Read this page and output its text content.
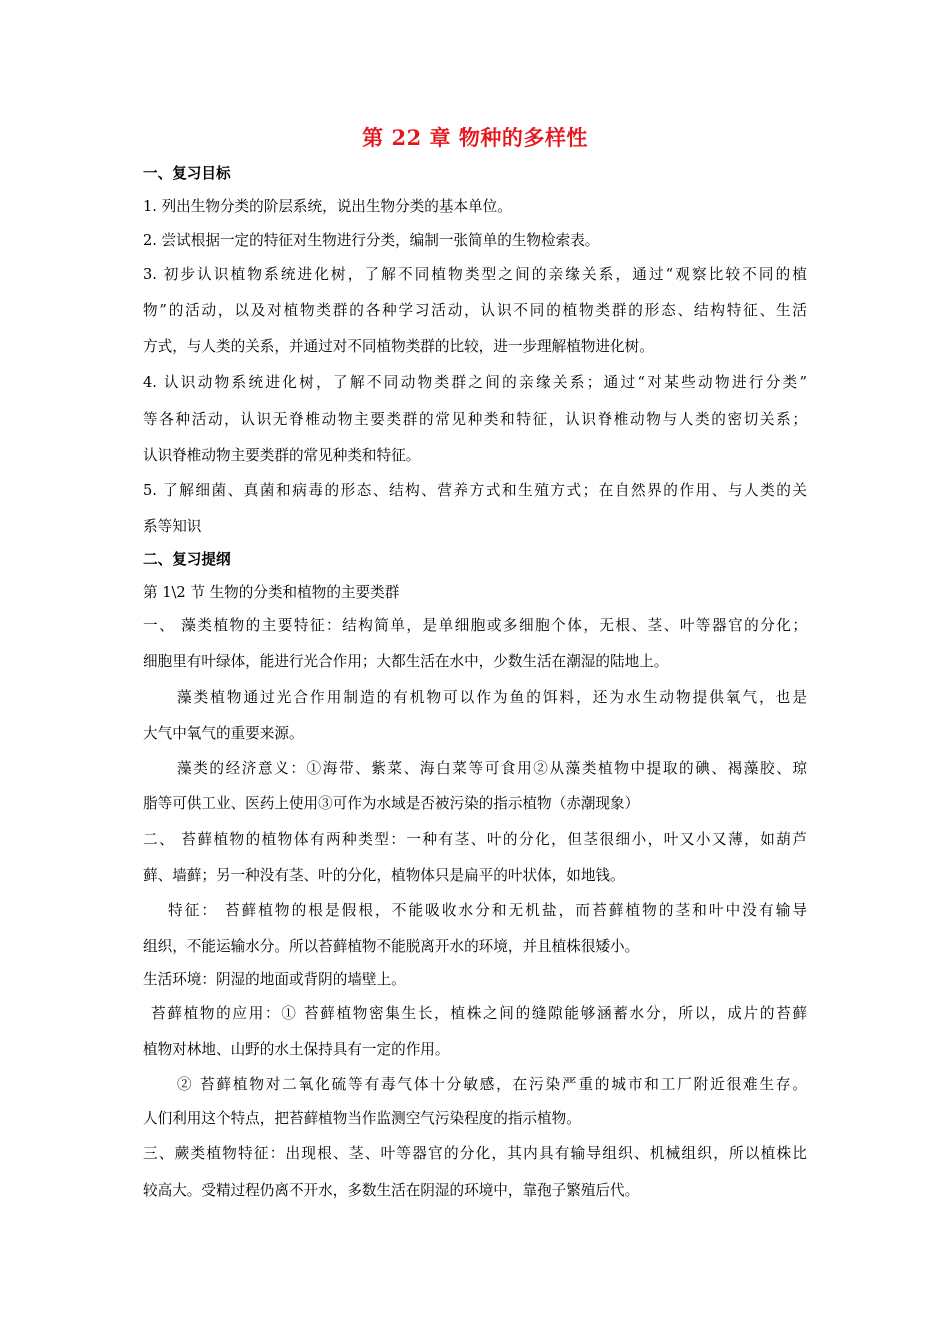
第 22 章 物种的多样性
一、复习目标
1. 列出生物分类的阶层系统，说出生物分类的基本单位。
2. 尝试根据一定的特征对生物进行分类，编制一张简单的生物检索表。
3. 初步认识植物系统进化树，了解不同植物类型之间的亲缘关系，通过“观察比较不同的植
物”的活动，以及对植物类群的各种学习活动，认识不同的植物类群的形态、结构特征、生活
方式，与人类的关系，并通过对不同植物类群的比较，进一步理解植物进化树。
4. 认识动物系统进化树，了解不同动物类群之间的亲缘关系；通过“对某些动物进行分类”
等各种活动，认识无脊椎动物主要类群的常见种类和特征，认识脊椎动物与人类的密切关系；
认识脊椎动物主要类群的常见种类和特征。
5. 了解细菌、真菌和病毒的形态、结构、营养方式和生殖方式；在自然界的作用、与人类的关
系等知识
二、复习提纲
第 1\2 节 生物的分类和植物的主要类群
一、 藻类植物的主要特征：结构简单，是单细胞或多细胞个体，无根、茎、叶等器官的分化；
细胞里有叶绿体，能进行光合作用；大都生活在水中，少数生活在潮湿的陆地上。
藻类植物通过光合作用制造的有机物可以作为鱼的饵料，还为水生动物提供氧气，也是
大气中氧气的重要来源。
藻类的经济意义：①海带、紫菜、海白菜等可食用②从藻类植物中提取的碘、褐藻胶、琼
脂等可供工业、医药上使用③可作为水域是否被污染的指示植物（赤潮现象）
二、 苔藓植物的植物体有两种类型：一种有茎、叶的分化，但茎很细小，叶又小又薄，如葫芦
藓、墙藓；另一种没有茎、叶的分化，植物体只是扁平的叶状体，如地钱。
特征： 苔藓植物的根是假根，不能吸收水分和无机盐，而苔藓植物的茎和叶中没有输导
组织，不能运输水分。所以苔藓植物不能脱离开水的环境，并且植株很矮小。
生活环境：阴湿的地面或背阴的墙壁上。
苔藓植物的应用：① 苔藓植物密集生长，植株之间的缝隙能够涵蓄水分，所以，成片的苔藓
植物对林地、山野的水土保持具有一定的作用。
② 苔藓植物对二氧化硫等有毒气体十分敏感，在污染严重的城市和工厂附近很难生存。
人们利用这个特点，把苔藓植物当作监测空气污染程度的指示植物。
三、蕨类植物特征：出现根、茎、叶等器官的分化，其内具有输导组织、机械组织，所以植株比
较高大。受精过程仍离不开水，多数生活在阴湿的环境中，靠孢子繁殖后代。
